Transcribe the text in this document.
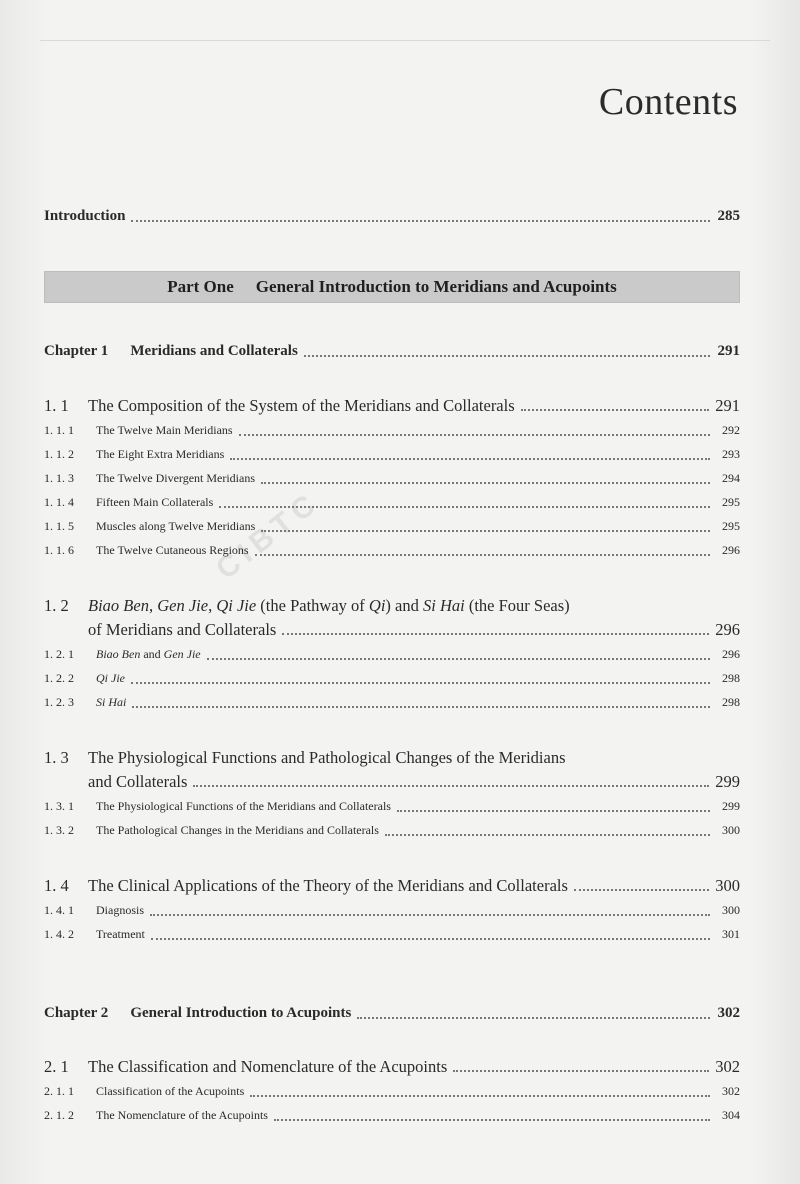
CIBTC
Contents
Introduction	285
Part One General Introduction to Meridians and Acupoints
Chapter 1 Meridians and Collaterals	291
1. 1 The Composition of the System of the Meridians and Collaterals	291
1. 1. 1 The Twelve Main Meridians	292
1. 1. 2 The Eight Extra Meridians	293
1. 1. 3 The Twelve Divergent Meridians	294
1. 1. 4 Fifteen Main Collaterals	295
1. 1. 5 Muscles along Twelve Meridians	295
1. 1. 6 The Twelve Cutaneous Regions	296
1. 2 Biao Ben, Gen Jie, Qi Jie (the Pathway of Qi) and Si Hai (the Four Seas)
of Meridians and Collaterals	296
1. 2. 1 Biao Ben and Gen Jie	296
1. 2. 2 Qi Jie	298
1. 2. 3 Si Hai	298
1. 3 The Physiological Functions and Pathological Changes of the Meridians
and Collaterals	299
1. 3. 1 The Physiological Functions of the Meridians and Collaterals	299
1. 3. 2 The Pathological Changes in the Meridians and Collaterals	300
1. 4 The Clinical Applications of the Theory of the Meridians and Collaterals	300
1. 4. 1 Diagnosis	300
1. 4. 2 Treatment	301
Chapter 2 General Introduction to Acupoints	302
2. 1 The Classification and Nomenclature of the Acupoints	302
2. 1. 1 Classification of the Acupoints	302
2. 1. 2 The Nomenclature of the Acupoints	304
